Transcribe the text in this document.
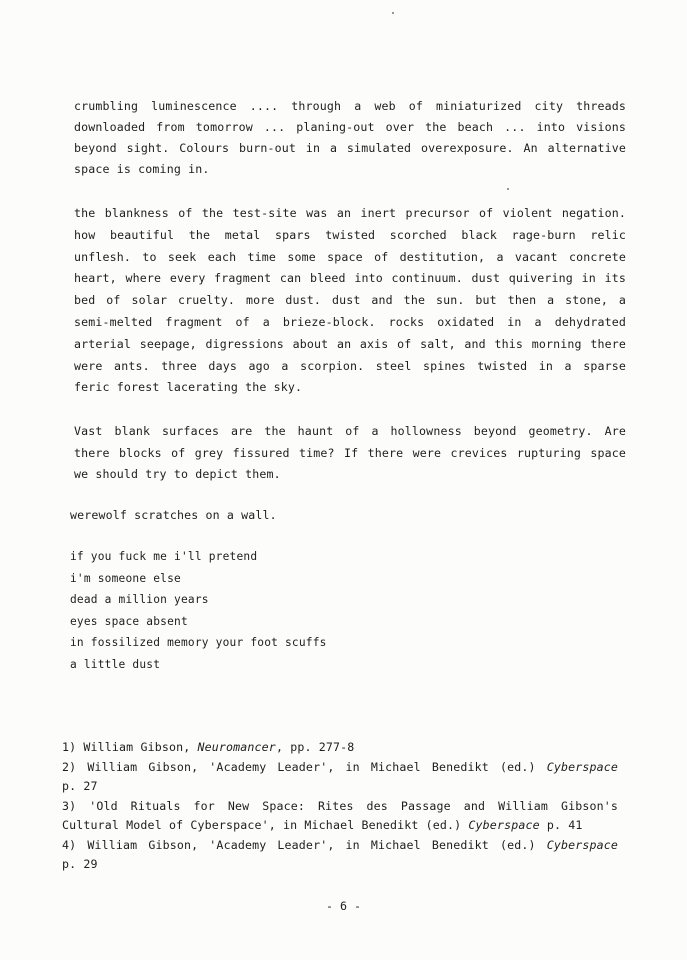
crumbling luminescence .... through a web of miniaturized city threads
downloaded from tomorrow ... planing-out over the beach ... into visions
beyond sight. Colours burn-out in a simulated overexposure. An alternative
space is coming in.
the blankness of the test-site was an inert precursor of violent negation.
how beautiful the metal spars twisted scorched black rage-burn relic
unflesh. to seek each time some space of destitution, a vacant concrete
heart, where every fragment can bleed into continuum. dust quivering in its
bed of solar cruelty. more dust. dust and the sun. but then a stone, a
semi-melted fragment of a brieze-block. rocks oxidated in a dehydrated
arterial seepage, digressions about an axis of salt, and this morning there
were ants. three days ago a scorpion. steel spines twisted in a sparse
feric forest lacerating the sky.
Vast blank surfaces are the haunt of a hollowness beyond geometry. Are
there blocks of grey fissured time? If there were crevices rupturing space
we should try to depict them.
werewolf scratches on a wall.
if you fuck me i'll pretend
i'm someone else
dead a million years
eyes space absent
in fossilized memory your foot scuffs
a little dust
1) William Gibson, Neuromancer, pp. 277-8
2) William Gibson, 'Academy Leader', in Michael Benedikt (ed.) Cyberspace
p. 27
3) 'Old Rituals for New Space: Rites des Passage and William Gibson's
Cultural Model of Cyberspace', in Michael Benedikt (ed.) Cyberspace p. 41
4) William Gibson, 'Academy Leader', in Michael Benedikt (ed.) Cyberspace
p. 29
- 6 -
